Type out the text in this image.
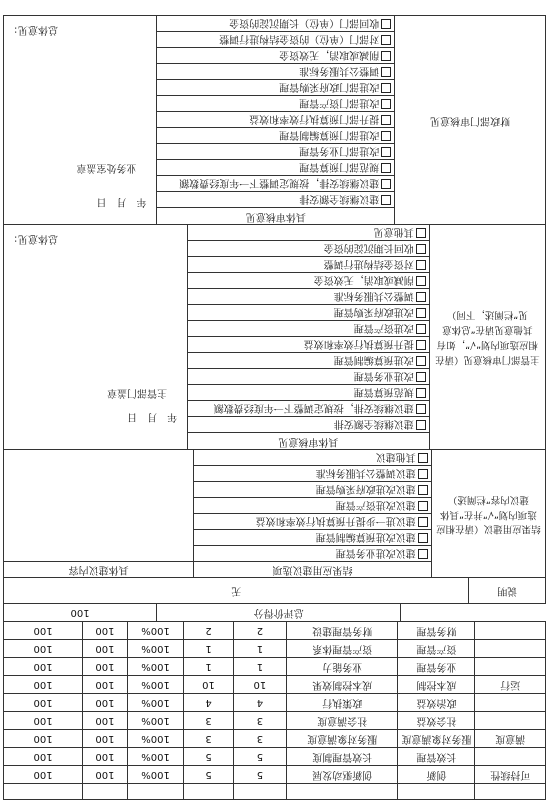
可持续性	创新	创新驱动发展	5	5	100%	100	100
	长效管理	长效管理制度	5	5	100%	100	100
满意度	服务对象满意度	服务对象满意度	3	3	100%	100	100
	社会效益	社会满意度	3	3	100%	100	100
	政治效益	政策执行	4	4	100%	100	100
运行	成本控制	成本控制效果	10	10	100%	100	100
	业务管理	业务能力	1	1	100%	100	100
	资产管理	资产管理体系	1	1	100%	100	100
	财务管理	财务管理建设	2	2	100%	100	100
	总评价得分	100
说明	无
结果应用建议（请在相应选项内划“√”并在“具体建议内容”栏阐述）	结果应用建议选项	具体建议内容
	建议改进业务管理	
	建议改进预算编制管理	
	建议进一步提升预算执行效率和效益	
	建议改进资产管理	
	建议改进政府采购管理	
	建议调整公共服务标准	
	其他建议	
主管部门审核意见（请在相应选项内划“√”，如有其他意见请在“总体意见”栏阐述，下同）	具体审核意见	
年　月　日
主管部门盖章
总体意见：

建议继续全额安排
建议继续安排，按规定调整下一年度经费数额
规范预算管理
改进业务管理
改进预算编制管理
提升预算执行效率和效益
改进资产管理
改进政府采购管理
调整公共服务标准
削减或取消，无效资金
对资金结构进行调整
收回长期沉淀的资金
其他意见
财政部门审核意见	具体审核意见	
年　月　日
业务处室盖章
总体意见：

建议继续全额安排
建议继续安排，按规定调整下一年度经费数额
规范部门预算管理
改进部门业务管理
改进部门预算编制管理
提升部门预算执行效率和效益
改进部门资产管理
改进部门政府采购管理
调整公共服务标准
削减或取消，无效资金
对部门（单位）的资金结构进行调整
收回部门（单位）长期沉淀的资金
